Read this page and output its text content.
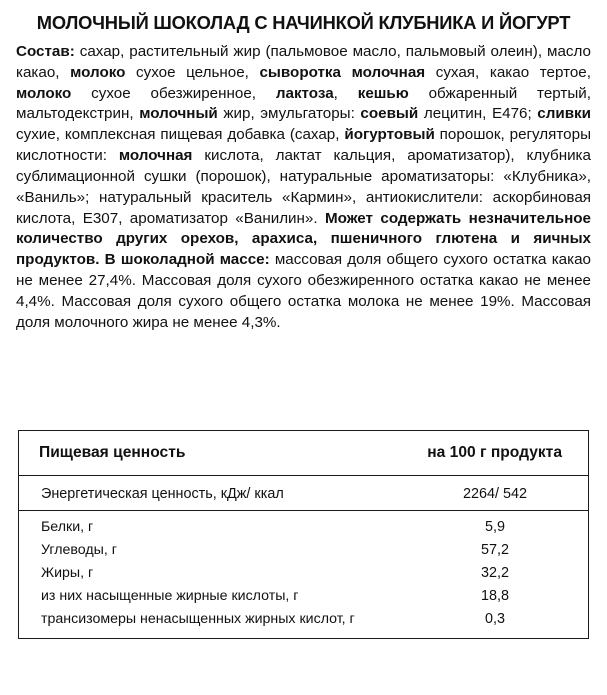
МОЛОЧНЫЙ ШОКОЛАД С НАЧИНКОЙ КЛУБНИКА И ЙОГУРТ
Состав: сахар, растительный жир (пальмовое масло, пальмовый олеин), масло какао, молоко сухое цельное, сыворотка молочная сухая, какао тертое, молоко сухое обезжиренное, лактоза, кешью обжаренный тертый, мальтодекстрин, молочный жир, эмульгаторы: соевый лецитин, Е476; сливки сухие, комплексная пищевая добавка (сахар, йогуртовый порошок, регуляторы кислотности: молочная кислота, лактат кальция, ароматизатор), клубника сублимационной сушки (порошок), натуральные ароматизаторы: «Клубника», «Ваниль»; натуральный краситель «Кармин», антиокислители: аскорбиновая кислота, Е307, ароматизатор «Ванилин». Может содержать незначительное количество других орехов, арахиса, пшеничного глютена и яичных продуктов. В шоколадной массе: массовая доля общего сухого остатка какао не менее 27,4%. Массовая доля сухого обезжиренного остатка какао не менее 4,4%. Массовая доля сухого общего остатка молока не менее 19%. Массовая доля молочного жира не менее 4,3%.
Пищевая ценность	на 100 г продукта
Энергетическая ценность, кДж/ ккал	2264/ 542
Белки, г	5,9
Углеводы, г	57,2
Жиры, г	32,2
из них насыщенные жирные кислоты, г	18,8
трансизомеры ненасыщенных жирных кислот, г	0,3
